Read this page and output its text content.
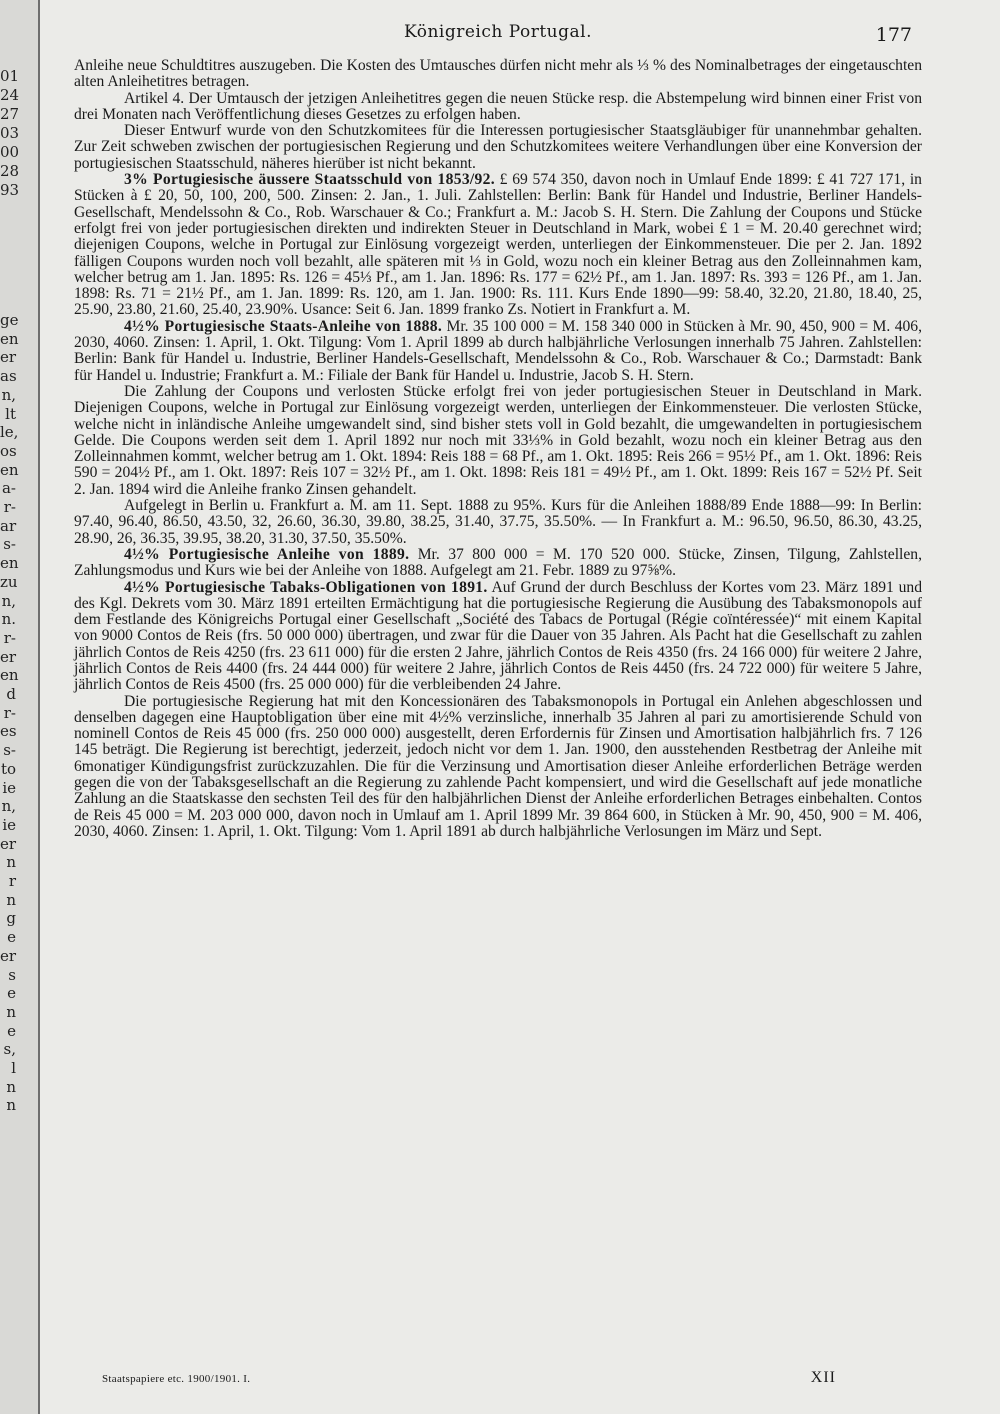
01
24
27
03
00
28
93
ge
en
er
as
n,
lt
le,
os
en
a-
r-
ar
s-
en
zu
n,
n.
r-
er
en
d
r-
es
s-
to
ie
n,
ie
er
n
r
n
g
e
er
s
e
n
e
s,
l
n
n
Königreich Portugal.	177

Anleihe neue Schuldtitres auszugeben. Die Kosten des Umtausches dürfen nicht mehr als ⅓ % des Nominalbetrages der eingetauschten alten Anleihetitres betragen.

Artikel 4. Der Umtausch der jetzigen Anleihetitres gegen die neuen Stücke resp. die Abstempelung wird binnen einer Frist von drei Monaten nach Veröffentlichung dieses Gesetzes zu erfolgen haben.

Dieser Entwurf wurde von den Schutzkomitees für die Interessen portugiesischer Staatsgläubiger für unannehmbar gehalten. Zur Zeit schweben zwischen der portugiesischen Regierung und den Schutzkomitees weitere Verhandlungen über eine Konversion der portugiesischen Staatsschuld, näheres hierüber ist nicht bekannt.

3% Portugiesische äussere Staatsschuld von 1853/92. £ 69 574 350, davon noch in Umlauf Ende 1899: £ 41 727 171, in Stücken à £ 20, 50, 100, 200, 500. Zinsen: 2. Jan., 1. Juli. Zahlstellen: Berlin: Bank für Handel und Industrie, Berliner Handels-Gesellschaft, Mendelssohn & Co., Rob. Warschauer & Co.; Frankfurt a. M.: Jacob S. H. Stern. Die Zahlung der Coupons und Stücke erfolgt frei von jeder portugiesischen direkten und indirekten Steuer in Deutschland in Mark, wobei £ 1 = M. 20.40 gerechnet wird; diejenigen Coupons, welche in Portugal zur Einlösung vorgezeigt werden, unterliegen der Einkommensteuer. Die per 2. Jan. 1892 fälligen Coupons wurden noch voll bezahlt, alle späteren mit ⅓ in Gold, wozu noch ein kleiner Betrag aus den Zolleinnahmen kam, welcher betrug am 1. Jan. 1895: Rs. 126 = 45⅓ Pf., am 1. Jan. 1896: Rs. 177 = 62½ Pf., am 1. Jan. 1897: Rs. 393 = 126 Pf., am 1. Jan. 1898: Rs. 71 = 21½ Pf., am 1. Jan. 1899: Rs. 120, am 1. Jan. 1900: Rs. 111. Kurs Ende 1890—99: 58.40, 32.20, 21.80, 18.40, 25, 25.90, 23.80, 21.60, 25.40, 23.90%. Usance: Seit 6. Jan. 1899 franko Zs. Notiert in Frankfurt a. M.

4½% Portugiesische Staats-Anleihe von 1888. Mr. 35 100 000 = M. 158 340 000 in Stücken à Mr. 90, 450, 900 = M. 406, 2030, 4060. Zinsen: 1. April, 1. Okt. Tilgung: Vom 1. April 1899 ab durch halbjährliche Verlosungen innerhalb 75 Jahren. Zahlstellen: Berlin: Bank für Handel u. Industrie, Berliner Handels-Gesellschaft, Mendelssohn & Co., Rob. Warschauer & Co.; Darmstadt: Bank für Handel u. Industrie; Frankfurt a. M.: Filiale der Bank für Handel u. Industrie, Jacob S. H. Stern.

Die Zahlung der Coupons und verlosten Stücke erfolgt frei von jeder portugiesischen Steuer in Deutschland in Mark. Diejenigen Coupons, welche in Portugal zur Einlösung vorgezeigt werden, unterliegen der Einkommensteuer. Die verlosten Stücke, welche nicht in inländische Anleihe umgewandelt sind, sind bisher stets voll in Gold bezahlt, die umgewandelten in portugiesischem Gelde. Die Coupons werden seit dem 1. April 1892 nur noch mit 33⅓% in Gold bezahlt, wozu noch ein kleiner Betrag aus den Zolleinnahmen kommt, welcher betrug am 1. Okt. 1894: Reis 188 = 68 Pf., am 1. Okt. 1895: Reis 266 = 95½ Pf., am 1. Okt. 1896: Reis 590 = 204½ Pf., am 1. Okt. 1897: Reis 107 = 32½ Pf., am 1. Okt. 1898: Reis 181 = 49½ Pf., am 1. Okt. 1899: Reis 167 = 52½ Pf. Seit 2. Jan. 1894 wird die Anleihe franko Zinsen gehandelt.

Aufgelegt in Berlin u. Frankfurt a. M. am 11. Sept. 1888 zu 95%. Kurs für die Anleihen 1888/89 Ende 1888—99: In Berlin: 97.40, 96.40, 86.50, 43.50, 32, 26.60, 36.30, 39.80, 38.25, 31.40, 37.75, 35.50%. — In Frankfurt a. M.: 96.50, 96.50, 86.30, 43.25, 28.90, 26, 36.35, 39.95, 38.20, 31.30, 37.50, 35.50%.

4½% Portugiesische Anleihe von 1889. Mr. 37 800 000 = M. 170 520 000. Stücke, Zinsen, Tilgung, Zahlstellen, Zahlungsmodus und Kurs wie bei der Anleihe von 1888. Aufgelegt am 21. Febr. 1889 zu 97⅝%.

4½% Portugiesische Tabaks-Obligationen von 1891. Auf Grund der durch Beschluss der Kortes vom 23. März 1891 und des Kgl. Dekrets vom 30. März 1891 erteilten Ermächtigung hat die portugiesische Regierung die Ausübung des Tabaksmonopols auf dem Festlande des Königreichs Portugal einer Gesellschaft „Société des Tabacs de Portugal (Régie coïntéressée)“ mit einem Kapital von 9000 Contos de Reis (frs. 50 000 000) übertragen, und zwar für die Dauer von 35 Jahren. Als Pacht hat die Gesellschaft zu zahlen jährlich Contos de Reis 4250 (frs. 23 611 000) für die ersten 2 Jahre, jährlich Contos de Reis 4350 (frs. 24 166 000) für weitere 2 Jahre, jährlich Contos de Reis 4400 (frs. 24 444 000) für weitere 2 Jahre, jährlich Contos de Reis 4450 (frs. 24 722 000) für weitere 5 Jahre, jährlich Contos de Reis 4500 (frs. 25 000 000) für die verbleibenden 24 Jahre.

Die portugiesische Regierung hat mit den Koncessionären des Tabaksmonopols in Portugal ein Anlehen abgeschlossen und denselben dagegen eine Hauptobligation über eine mit 4½% verzinsliche, innerhalb 35 Jahren al pari zu amortisierende Schuld von nominell Contos de Reis 45 000 (frs. 250 000 000) ausgestellt, deren Erfordernis für Zinsen und Amortisation halbjährlich frs. 7 126 145 beträgt. Die Regierung ist berechtigt, jederzeit, jedoch nicht vor dem 1. Jan. 1900, den ausstehenden Restbetrag der Anleihe mit 6monatiger Kündigungsfrist zurückzuzahlen. Die für die Verzinsung und Amortisation dieser Anleihe erforderlichen Beträge werden gegen die von der Tabaksgesellschaft an die Regierung zu zahlende Pacht kompensiert, und wird die Gesellschaft auf jede monatliche Zahlung an die Staatskasse den sechsten Teil des für den halbjährlichen Dienst der Anleihe erforderlichen Betrages einbehalten. Contos de Reis 45 000 = M. 203 000 000, davon noch in Umlauf am 1. April 1899 Mr. 39 864 600, in Stücken à Mr. 90, 450, 900 = M. 406, 2030, 4060. Zinsen: 1. April, 1. Okt. Tilgung: Vom 1. April 1891 ab durch halbjährliche Verlosungen im März und Sept.

Staatspapiere etc. 1900/1901. I.	XII
